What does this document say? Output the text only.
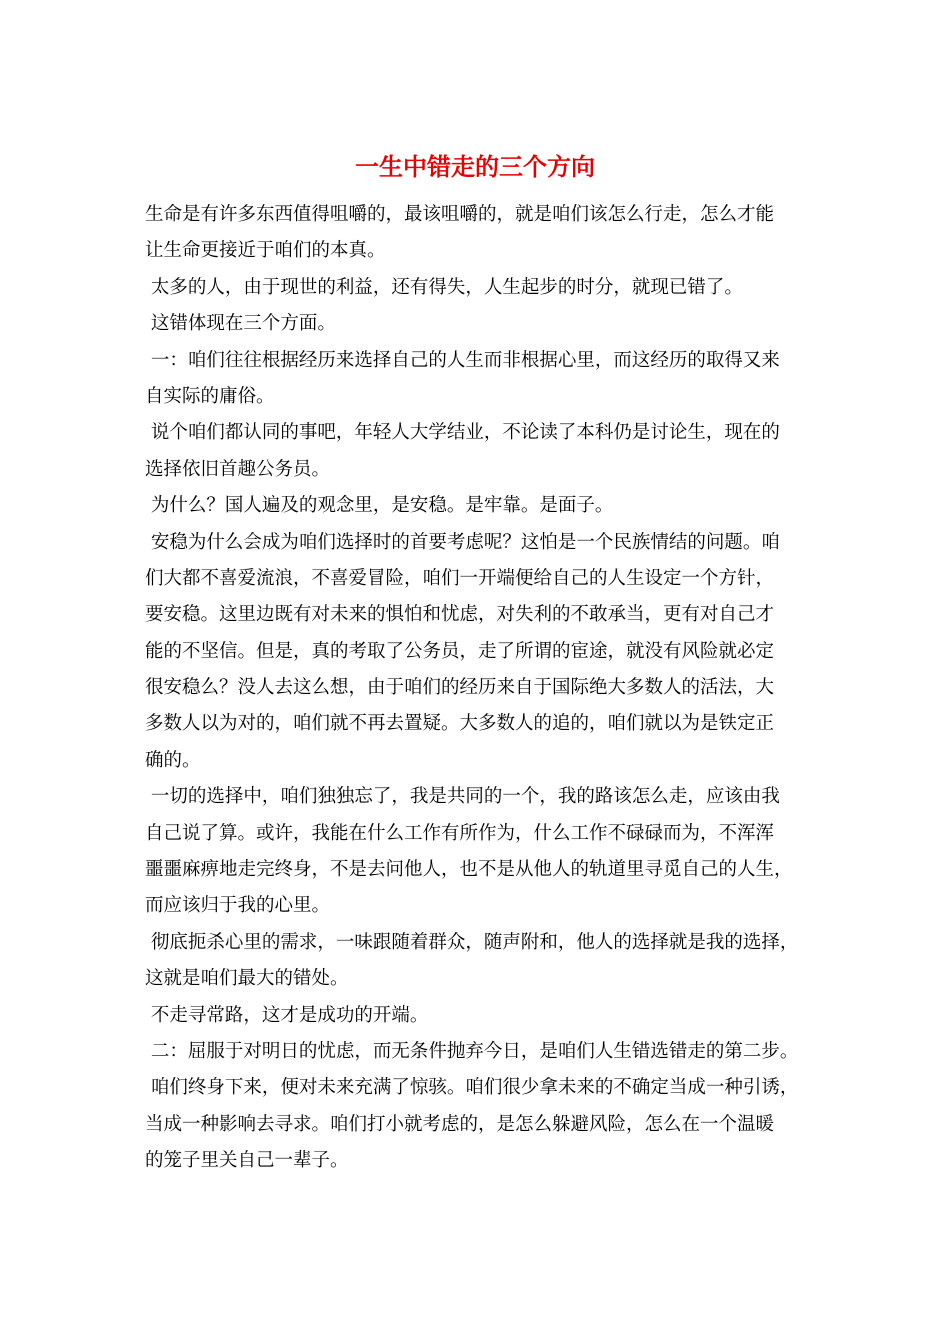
一生中错走的三个方向
生命是有许多东西值得咀嚼的，最该咀嚼的，就是咱们该怎么行走，怎么才能
让生命更接近于咱们的本真。
太多的人，由于现世的利益，还有得失，人生起步的时分，就现已错了。
这错体现在三个方面。
一：咱们往往根据经历来选择自己的人生而非根据心里，而这经历的取得又来
自实际的庸俗。
说个咱们都认同的事吧，年轻人大学结业，不论读了本科仍是讨论生，现在的
选择依旧首趣公务员。
为什么？国人遍及的观念里，是安稳。是牢靠。是面子。
安稳为什么会成为咱们选择时的首要考虑呢？这怕是一个民族情结的问题。咱
们大都不喜爱流浪，不喜爱冒险，咱们一开端便给自己的人生设定一个方针，
要安稳。这里边既有对未来的惧怕和忧虑，对失利的不敢承当，更有对自己才
能的不坚信。但是，真的考取了公务员，走了所谓的宦途，就没有风险就必定
很安稳么？没人去这么想，由于咱们的经历来自于国际绝大多数人的活法，大
多数人以为对的，咱们就不再去置疑。大多数人的追的，咱们就以为是铁定正
确的。
一切的选择中，咱们独独忘了，我是共同的一个，我的路该怎么走，应该由我
自己说了算。或许，我能在什么工作有所作为，什么工作不碌碌而为，不浑浑
噩噩麻痹地走完终身，不是去问他人，也不是从他人的轨道里寻觅自己的人生，
而应该归于我的心里。
彻底扼杀心里的需求，一味跟随着群众，随声附和，他人的选择就是我的选择，
这就是咱们最大的错处。
不走寻常路，这才是成功的开端。
二：屈服于对明日的忧虑，而无条件抛弃今日，是咱们人生错选错走的第二步。
咱们终身下来，便对未来充满了惊骇。咱们很少拿未来的不确定当成一种引诱，
当成一种影响去寻求。咱们打小就考虑的，是怎么躲避风险，怎么在一个温暖
的笼子里关自己一辈子。
